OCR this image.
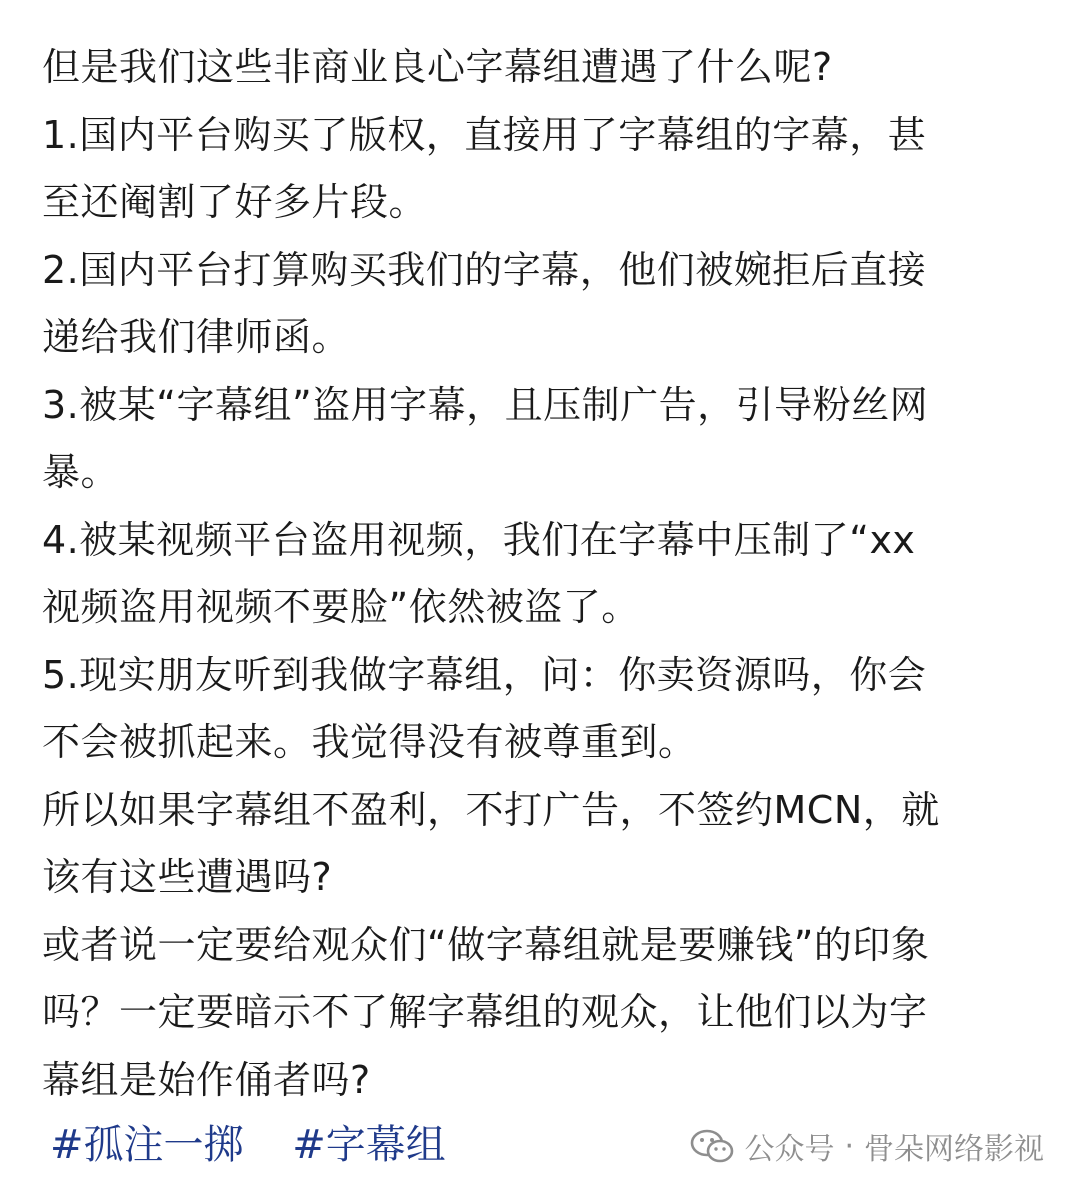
但是我们这些非商业良心字幕组遭遇了什么呢?

1.国内平台购买了版权，直接用了字幕组的字幕，甚
至还阉割了好多片段。

2.国内平台打算购买我们的字幕，他们被婉拒后直接
递给我们律师函。

3.被某“字幕组”盗用字幕，且压制广告，引导粉丝网
暴。

4.被某视频平台盗用视频，我们在字幕中压制了“xx
视频盗用视频不要脸”依然被盗了。

5.现实朋友听到我做字幕组，问：你卖资源吗，你会
不会被抓起来。我觉得没有被尊重到。

所以如果字幕组不盈利，不打广告，不签约MCN，就
该有这些遭遇吗?

或者说一定要给观众们“做字幕组就是要赚钱”的印象
吗？一定要暗示不了解字幕组的观众，让他们以为字
幕组是始作俑者吗?

#孤注一掷 #字幕组	公众号 · 骨朵网络影视
